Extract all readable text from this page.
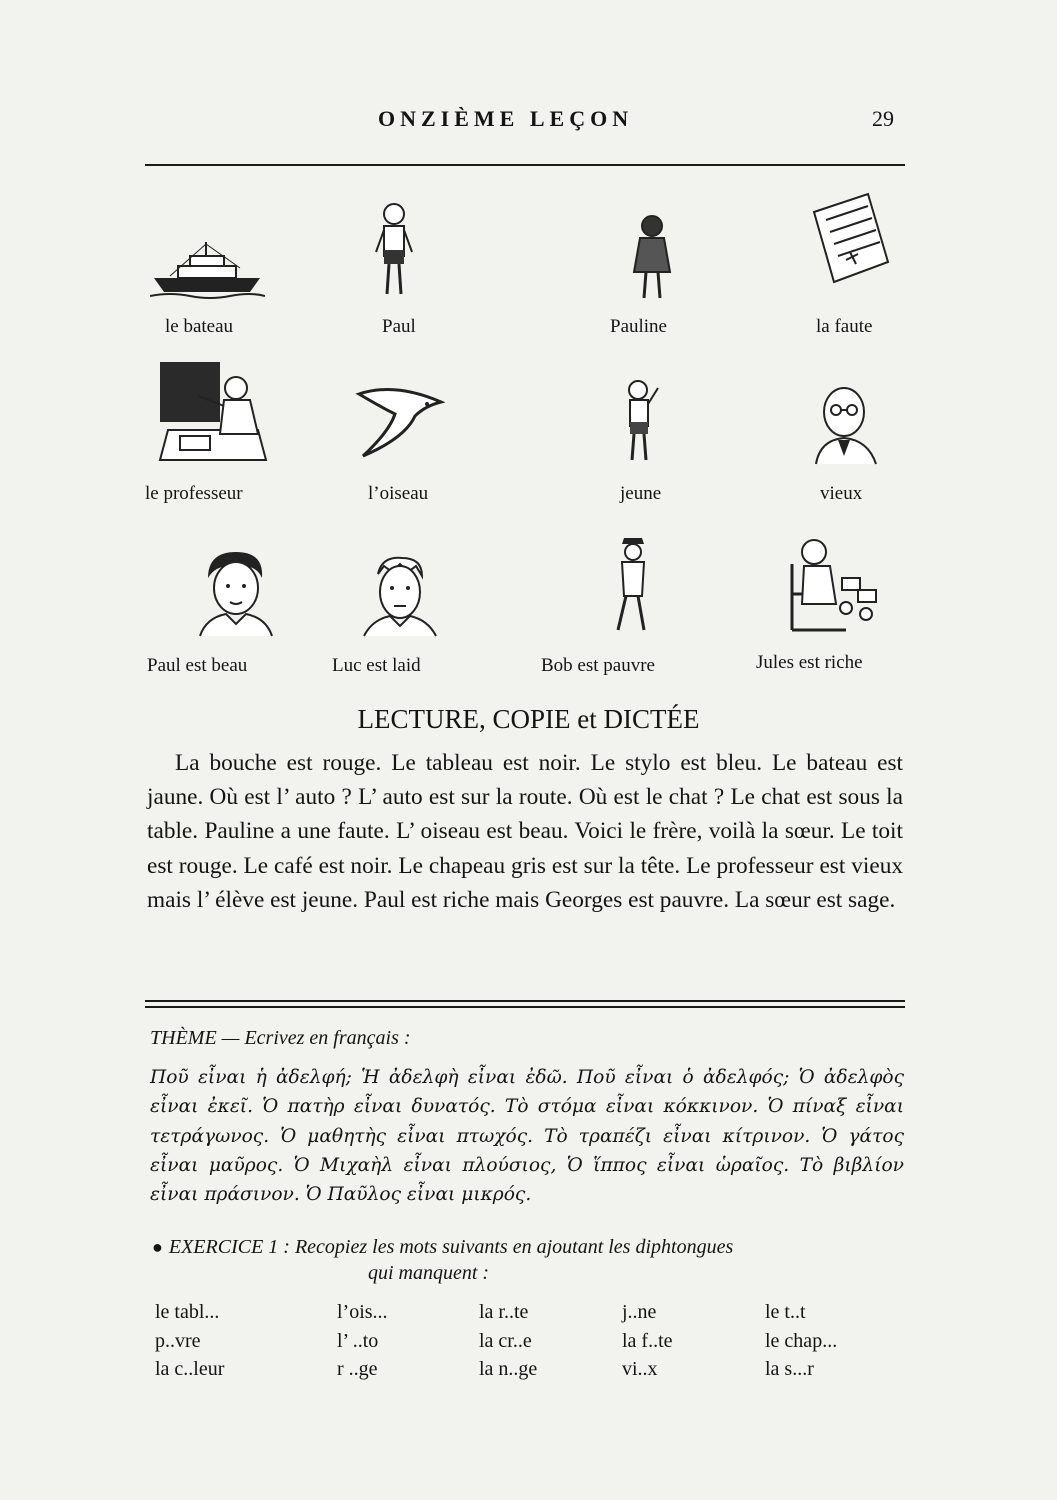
ONZIÈME LEÇON	29
le bateau	Paul	Pauline	la faute
le professeur	l’oiseau	jeune	vieux
Paul est beau	Luc est laid	Bob est pauvre	Jules est riche
LECTURE, COPIE et DICTÉE
La bouche est rouge. Le tableau est noir. Le stylo est bleu. Le bateau est jaune. Où est l’ auto ? L’ auto est sur la route. Où est le chat ? Le chat est sous la table. Pauline a une faute. L’ oiseau est beau. Voici le frère, voilà la sœur. Le toit est rouge. Le café est noir. Le chapeau gris est sur la tête. Le professeur est vieux mais l’ élève est jeune. Paul est riche mais Georges est pauvre. La sœur est sage.
THÈME — Ecrivez en français :
Ποῦ εἶναι ἡ ἀδελφή; Ἡ ἀδελφὴ εἶναι ἐδῶ. Ποῦ εἶναι ὁ ἀδελφός; Ὁ ἀδελφὸς εἶναι ἐκεῖ. Ὁ πατὴρ εἶναι δυνατός. Τὸ στόμα εἶναι κόκκινον. Ὁ πίναξ εἶναι τετράγωνος. Ὁ μαθητὴς εἶναι πτωχός. Τὸ τραπέζι εἶναι κίτρινον. Ὁ γάτος εἶναι μαῦρος. Ὁ Μιχαὴλ εἶναι πλούσιος, Ὁ ἵππος εἶναι ὡραῖος. Τὸ βιβλίον εἶναι πράσινον. Ὁ Παῦλος εἶναι μικρός.
● EXERCICE 1 : Recopiez les mots suivants en ajoutant les diphtongues
qui manquent :
le tabl...	l’ois...	la r..te	j..ne	le t..t
p..vre	l’ ..to	la cr..e	la f..te	le chap...
la c..leur	r ..ge	la n..ge	vi..x	la s...r
